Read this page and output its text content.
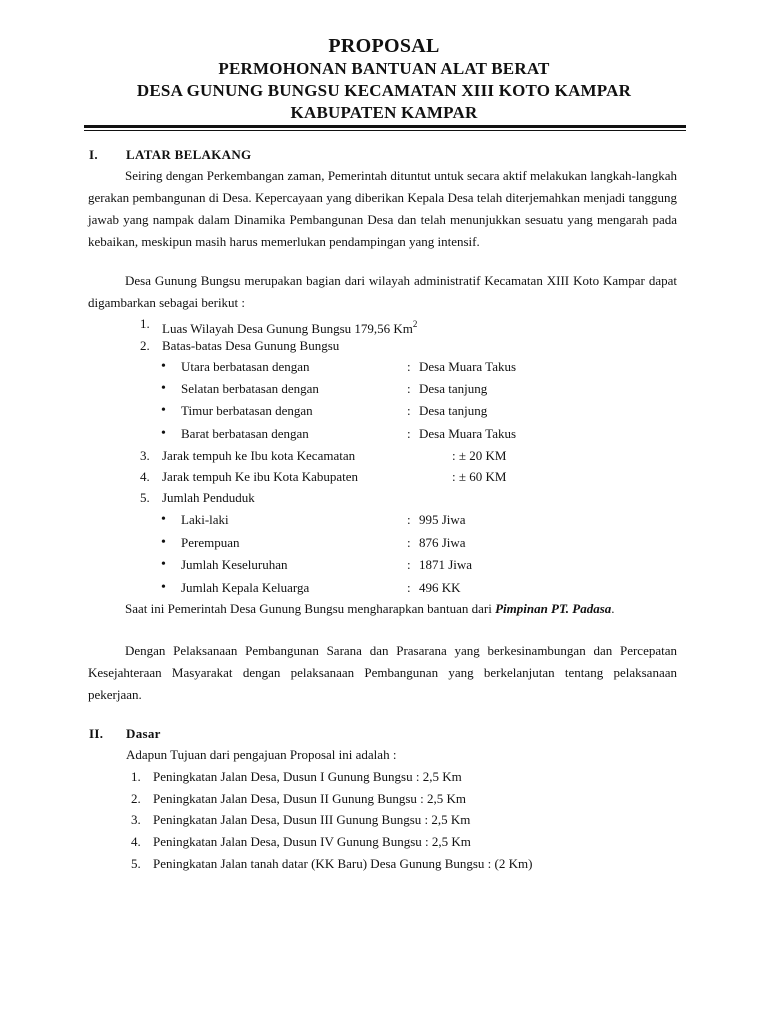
PROPOSAL
PERMOHONAN BANTUAN ALAT BERAT
DESA GUNUNG BUNGSU KECAMATAN XIII KOTO KAMPAR
KABUPATEN KAMPAR
I. LATAR BELAKANG

Seiring dengan Perkembangan zaman, Pemerintah dituntut untuk secara aktif melakukan langkah-langkah gerakan pembangunan di Desa. Kepercayaan yang diberikan Kepala Desa telah diterjemahkan menjadi tanggung jawab yang nampak dalam Dinamika Pembangunan Desa dan telah menunjukkan sesuatu yang mengarah pada kebaikan, meskipun masih harus memerlukan pendampingan yang intensif.

Desa Gunung Bungsu merupakan bagian dari wilayah administratif Kecamatan XIII Koto Kampar dapat digambarkan sebagai berikut :

1. Luas Wilayah Desa Gunung Bungsu 179,56 Km$^2$
2. Batas-batas Desa Gunung Bungsu
• Utara berbatasan dengan	: Desa Muara Takus
• Selatan berbatasan dengan	: Desa tanjung
• Timur berbatasan dengan	: Desa tanjung
• Barat berbatasan dengan	: Desa Muara Takus
3. Jarak tempuh ke Ibu kota Kecamatan	: ± 20 KM
4. Jarak tempuh Ke ibu Kota Kabupaten	: ± 60 KM
5. Jumlah Penduduk
• Laki-laki	: 995 Jiwa
• Perempuan	: 876 Jiwa
• Jumlah Keseluruhan	: 1871 Jiwa
• Jumlah Kepala Keluarga	: 496 KK

Saat ini Pemerintah Desa Gunung Bungsu mengharapkan bantuan dari Pimpinan PT. Padasa.

Dengan Pelaksanaan Pembangunan Sarana dan Prasarana yang berkesinambungan dan Percepatan Kesejahteraan Masyarakat dengan pelaksanaan Pembangunan yang berkelanjutan tentang pelaksanaan pekerjaan.

II. Dasar
Adapun Tujuan dari pengajuan Proposal ini adalah :
1. Peningkatan Jalan Desa, Dusun I Gunung Bungsu : 2,5 Km
2. Peningkatan Jalan Desa, Dusun II Gunung Bungsu : 2,5 Km
3. Peningkatan Jalan Desa, Dusun III Gunung Bungsu : 2,5 Km
4. Peningkatan Jalan Desa, Dusun IV Gunung Bungsu : 2,5 Km
5. Peningkatan Jalan tanah datar (KK Baru) Desa Gunung Bungsu : (2 Km)
